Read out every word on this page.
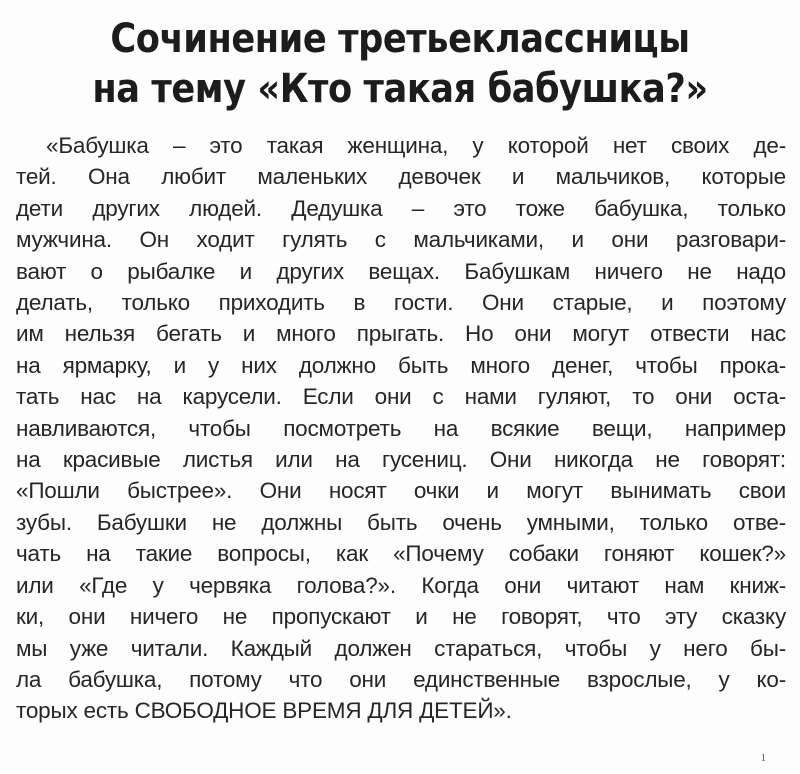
Сочинение третьеклассницы
на тему «Кто такая бабушка?»
«Бабушка – это такая женщина, у которой нет своих де-
тей. Она любит маленьких девочек и мальчиков, которые
дети других людей. Дедушка – это тоже бабушка, только
мужчина. Он ходит гулять с мальчиками, и они разговари-
вают о рыбалке и других вещах. Бабушкам ничего не надо
делать, только приходить в гости. Они старые, и поэтому
им нельзя бегать и много прыгать. Но они могут отвести нас
на ярмарку, и у них должно быть много денег, чтобы прока-
тать нас на карусели. Если они с нами гуляют, то они оста-
навливаются, чтобы посмотреть на всякие вещи, например
на красивые листья или на гусениц. Они никогда не говорят:
«Пошли быстрее». Они носят очки и могут вынимать свои
зубы. Бабушки не должны быть очень умными, только отве-
чать на такие вопросы, как «Почему собаки гоняют кошек?»
или «Где у червяка голова?». Когда они читают нам книж-
ки, они ничего не пропускают и не говорят, что эту сказку
мы уже читали. Каждый должен стараться, чтобы у него бы-
ла бабушка, потому что они единственные взрослые, у ко-
торых есть СВОБОДНОЕ ВРЕМЯ ДЛЯ ДЕТЕЙ».
1
